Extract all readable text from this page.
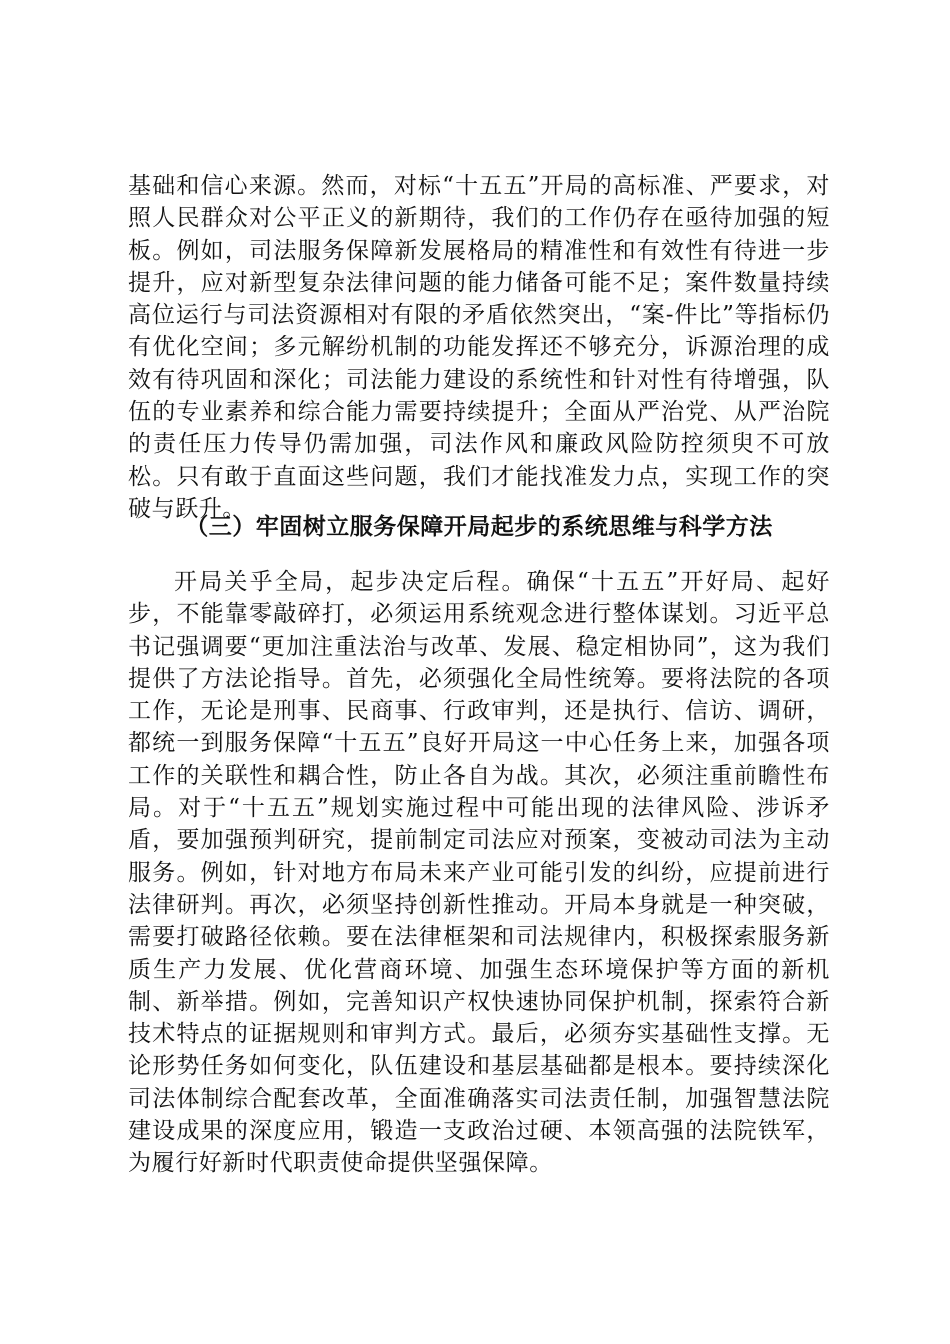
基础和信心来源。然而，对标“十五五”开局的高标准、严要求，对照人民群众对公平正义的新期待，我们的工作仍存在亟待加强的短板。例如，司法服务保障新发展格局的精准性和有效性有待进一步提升，应对新型复杂法律问题的能力储备可能不足；案件数量持续高位运行与司法资源相对有限的矛盾依然突出，“案-件比”等指标仍有优化空间；多元解纷机制的功能发挥还不够充分，诉源治理的成效有待巩固和深化；司法能力建设的系统性和针对性有待增强，队伍的专业素养和综合能力需要持续提升；全面从严治党、从严治院的责任压力传导仍需加强，司法作风和廉政风险防控须臾不可放松。只有敢于直面这些问题，我们才能找准发力点，实现工作的突破与跃升。

（三）牢固树立服务保障开局起步的系统思维与科学方法

开局关乎全局，起步决定后程。确保“十五五”开好局、起好步，不能靠零敲碎打，必须运用系统观念进行整体谋划。习近平总书记强调要“更加注重法治与改革、发展、稳定相协同”，这为我们提供了方法论指导。首先，必须强化全局性统筹。要将法院的各项工作，无论是刑事、民商事、行政审判，还是执行、信访、调研，都统一到服务保障“十五五”良好开局这一中心任务上来，加强各项工作的关联性和耦合性，防止各自为战。其次，必须注重前瞻性布局。对于“十五五”规划实施过程中可能出现的法律风险、涉诉矛盾，要加强预判研究，提前制定司法应对预案，变被动司法为主动服务。例如，针对地方布局未来产业可能引发的纠纷，应提前进行法律研判。再次，必须坚持创新性推动。开局本身就是一种突破，需要打破路径依赖。要在法律框架和司法规律内，积极探索服务新质生产力发展、优化营商环境、加强生态环境保护等方面的新机制、新举措。例如，完善知识产权快速协同保护机制，探索符合新技术特点的证据规则和审判方式。最后，必须夯实基础性支撑。无论形势任务如何变化，队伍建设和基层基础都是根本。要持续深化司法体制综合配套改革，全面准确落实司法责任制，加强智慧法院建设成果的深度应用，锻造一支政治过硬、本领高强的法院铁军，为履行好新时代职责使命提供坚强保障。
